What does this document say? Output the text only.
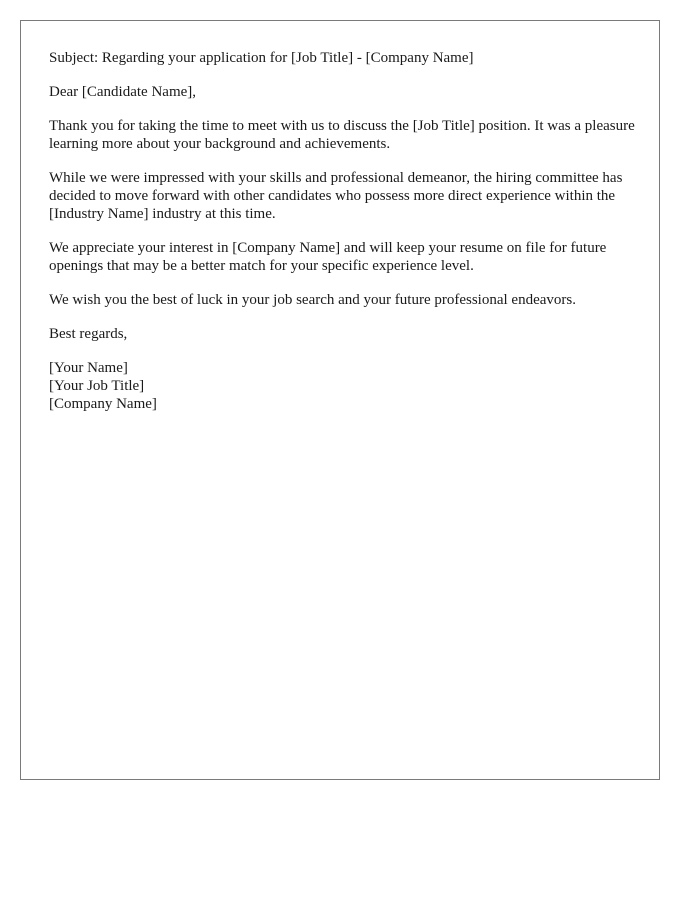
Subject: Regarding your application for [Job Title] - [Company Name]

Dear [Candidate Name],

Thank you for taking the time to meet with us to discuss the [Job Title] position. It was a pleasure learning more about your background and achievements.

While we were impressed with your skills and professional demeanor, the hiring committee has decided to move forward with other candidates who possess more direct experience within the [Industry Name] industry at this time.

We appreciate your interest in [Company Name] and will keep your resume on file for future openings that may be a better match for your specific experience level.

We wish you the best of luck in your job search and your future professional endeavors.

Best regards,

[Your Name]
[Your Job Title]
[Company Name]
